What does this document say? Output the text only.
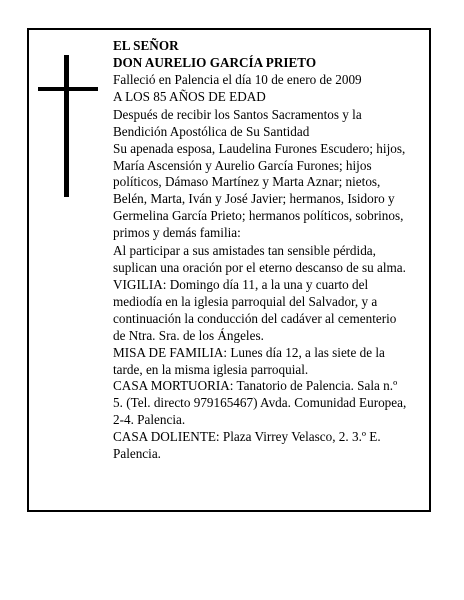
EL SEÑOR
DON AURELIO GARCÍA PRIETO
Falleció en Palencia el día 10 de enero de 2009
A LOS 85 AÑOS DE EDAD
Después de recibir los Santos Sacramentos y la
Bendición Apostólica de Su Santidad
Su apenada esposa, Laudelina Furones Escudero; hijos,
María Ascensión y Aurelio García Furones; hijos
políticos, Dámaso Martínez y Marta Aznar; nietos,
Belén, Marta, Iván y José Javier; hermanos, Isidoro y
Germelina García Prieto; hermanos políticos, sobrinos,
primos y demás familia:
Al participar a sus amistades tan sensible pérdida,
suplican una oración por el eterno descanso de su alma.
VIGILIA: Domingo día 11, a la una y cuarto del
mediodía en la iglesia parroquial del Salvador, y a
continuación la conducción del cadáver al cementerio
de Ntra. Sra. de los Ángeles.
MISA DE FAMILIA: Lunes día 12, a las siete de la
tarde, en la misma iglesia parroquial.
CASA MORTUORIA: Tanatorio de Palencia. Sala n.º
5. (Tel. directo 979165467) Avda. Comunidad Europea,
2-4. Palencia.
CASA DOLIENTE: Plaza Virrey Velasco, 2. 3.º E.
Palencia.
